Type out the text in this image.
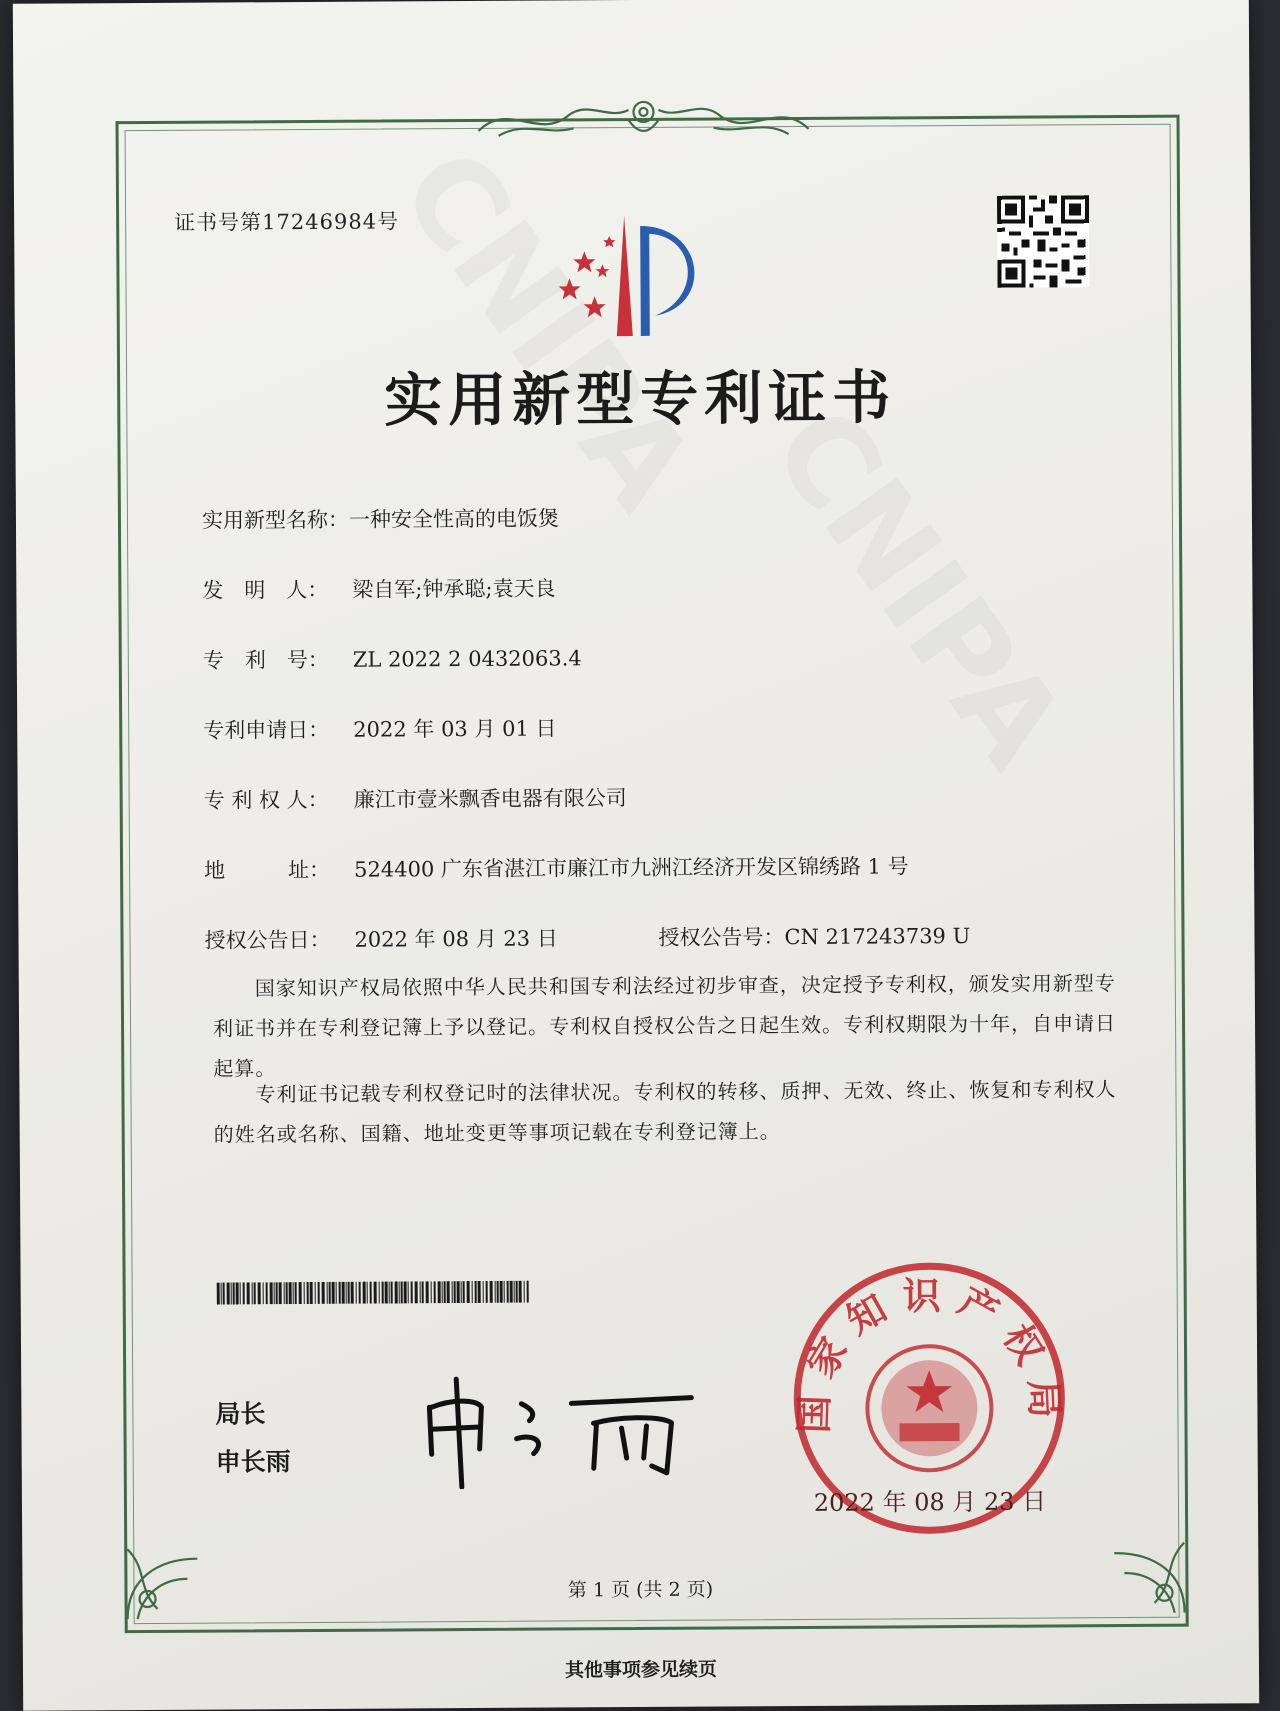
证书号第17246984号
实用新型专利证书
实用新型名称：一种安全性高的电饭煲
发　明　人： 梁自军;钟承聪;袁天良
专　利　号： ZL 2022 2 0432063.4
专利申请日： 2022 年 03 月 01 日
专 利 权 人： 廉江市壹米飘香电器有限公司
地　　　址： 524400 广东省湛江市廉江市九洲江经济开发区锦绣路 1 号
授权公告日： 2022 年 08 月 23 日	授权公告号：CN 217243739 U
国家知识产权局依照中华人民共和国专利法经过初步审查，决定授予专利权，颁发实用新型专利证书并在专利登记簿上予以登记。专利权自授权公告之日起生效。专利权期限为十年，自申请日起算。
专利证书记载专利权登记时的法律状况。专利权的转移、质押、无效、终止、恢复和专利权人的姓名或名称、国籍、地址变更等事项记载在专利登记簿上。
局长
申长雨
国家知识产权局
2022 年 08 月 23 日
第 1 页 (共 2 页)
其他事项参见续页
